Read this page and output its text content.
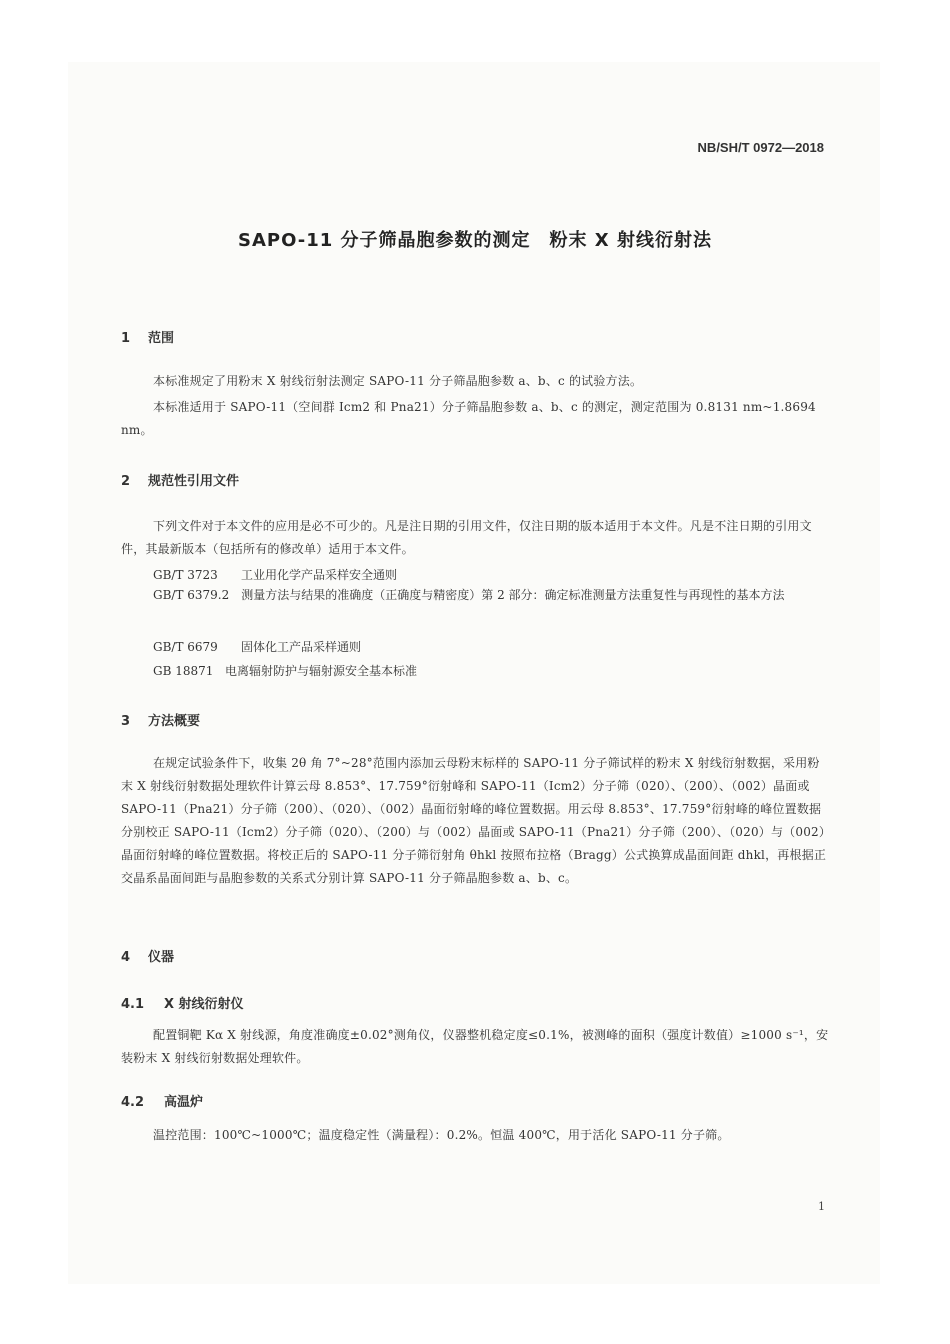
NB/SH/T 0972—2018
SAPO-11 分子筛晶胞参数的测定　粉末 X 射线衍射法
1 范围
本标准规定了用粉末 X 射线衍射法测定 SAPO-11 分子筛晶胞参数 a、b、c 的试验方法。
本标准适用于 SAPO-11（空间群 Icm2 和 Pna21）分子筛晶胞参数 a、b、c 的测定，测定范围为 0.8131 nm~1.8694 nm。
2 规范性引用文件
下列文件对于本文件的应用是必不可少的。凡是注日期的引用文件，仅注日期的版本适用于本文件。凡是不注日期的引用文件，其最新版本（包括所有的修改单）适用于本文件。
GB/T 3723 工业用化学产品采样安全通则
GB/T 6379.2　 测量方法与结果的准确度（正确度与精密度）第 2 部分：确定标准测量方法重复性与再现性的基本方法
GB/T 6679 固体化工产品采样通则
GB 18871 电离辐射防护与辐射源安全基本标准
3 方法概要
在规定试验条件下，收集 2θ 角 7°~28°范围内添加云母粉末标样的 SAPO-11 分子筛试样的粉末 X 射线衍射数据，采用粉末 X 射线衍射数据处理软件计算云母 8.853°、17.759°衍射峰和 SAPO-11（Icm2）分子筛（020）、（200）、（002）晶面或 SAPO-11（Pna21）分子筛（200）、（020）、（002）晶面衍射峰的峰位置数据。用云母 8.853°、17.759°衍射峰的峰位置数据分别校正 SAPO-11（Icm2）分子筛（020）、（200）与（002）晶面或 SAPO-11（Pna21）分子筛（200）、（020）与（002）晶面衍射峰的峰位置数据。将校正后的 SAPO-11 分子筛衍射角 θhkl 按照布拉格（Bragg）公式换算成晶面间距 dhkl，再根据正交晶系晶面间距与晶胞参数的关系式分别计算 SAPO-11 分子筛晶胞参数 a、b、c。
4 仪器
4.1 X 射线衍射仪
配置铜靶 Kα X 射线源，角度准确度±0.02°测角仪，仪器整机稳定度≤0.1%，被测峰的面积（强度计数值）≥1000 s⁻¹，安装粉末 X 射线衍射数据处理软件。
4.2 高温炉
温控范围：100℃~1000℃；温度稳定性（满量程）：0.2%。恒温 400℃，用于活化 SAPO-11 分子筛。
1
